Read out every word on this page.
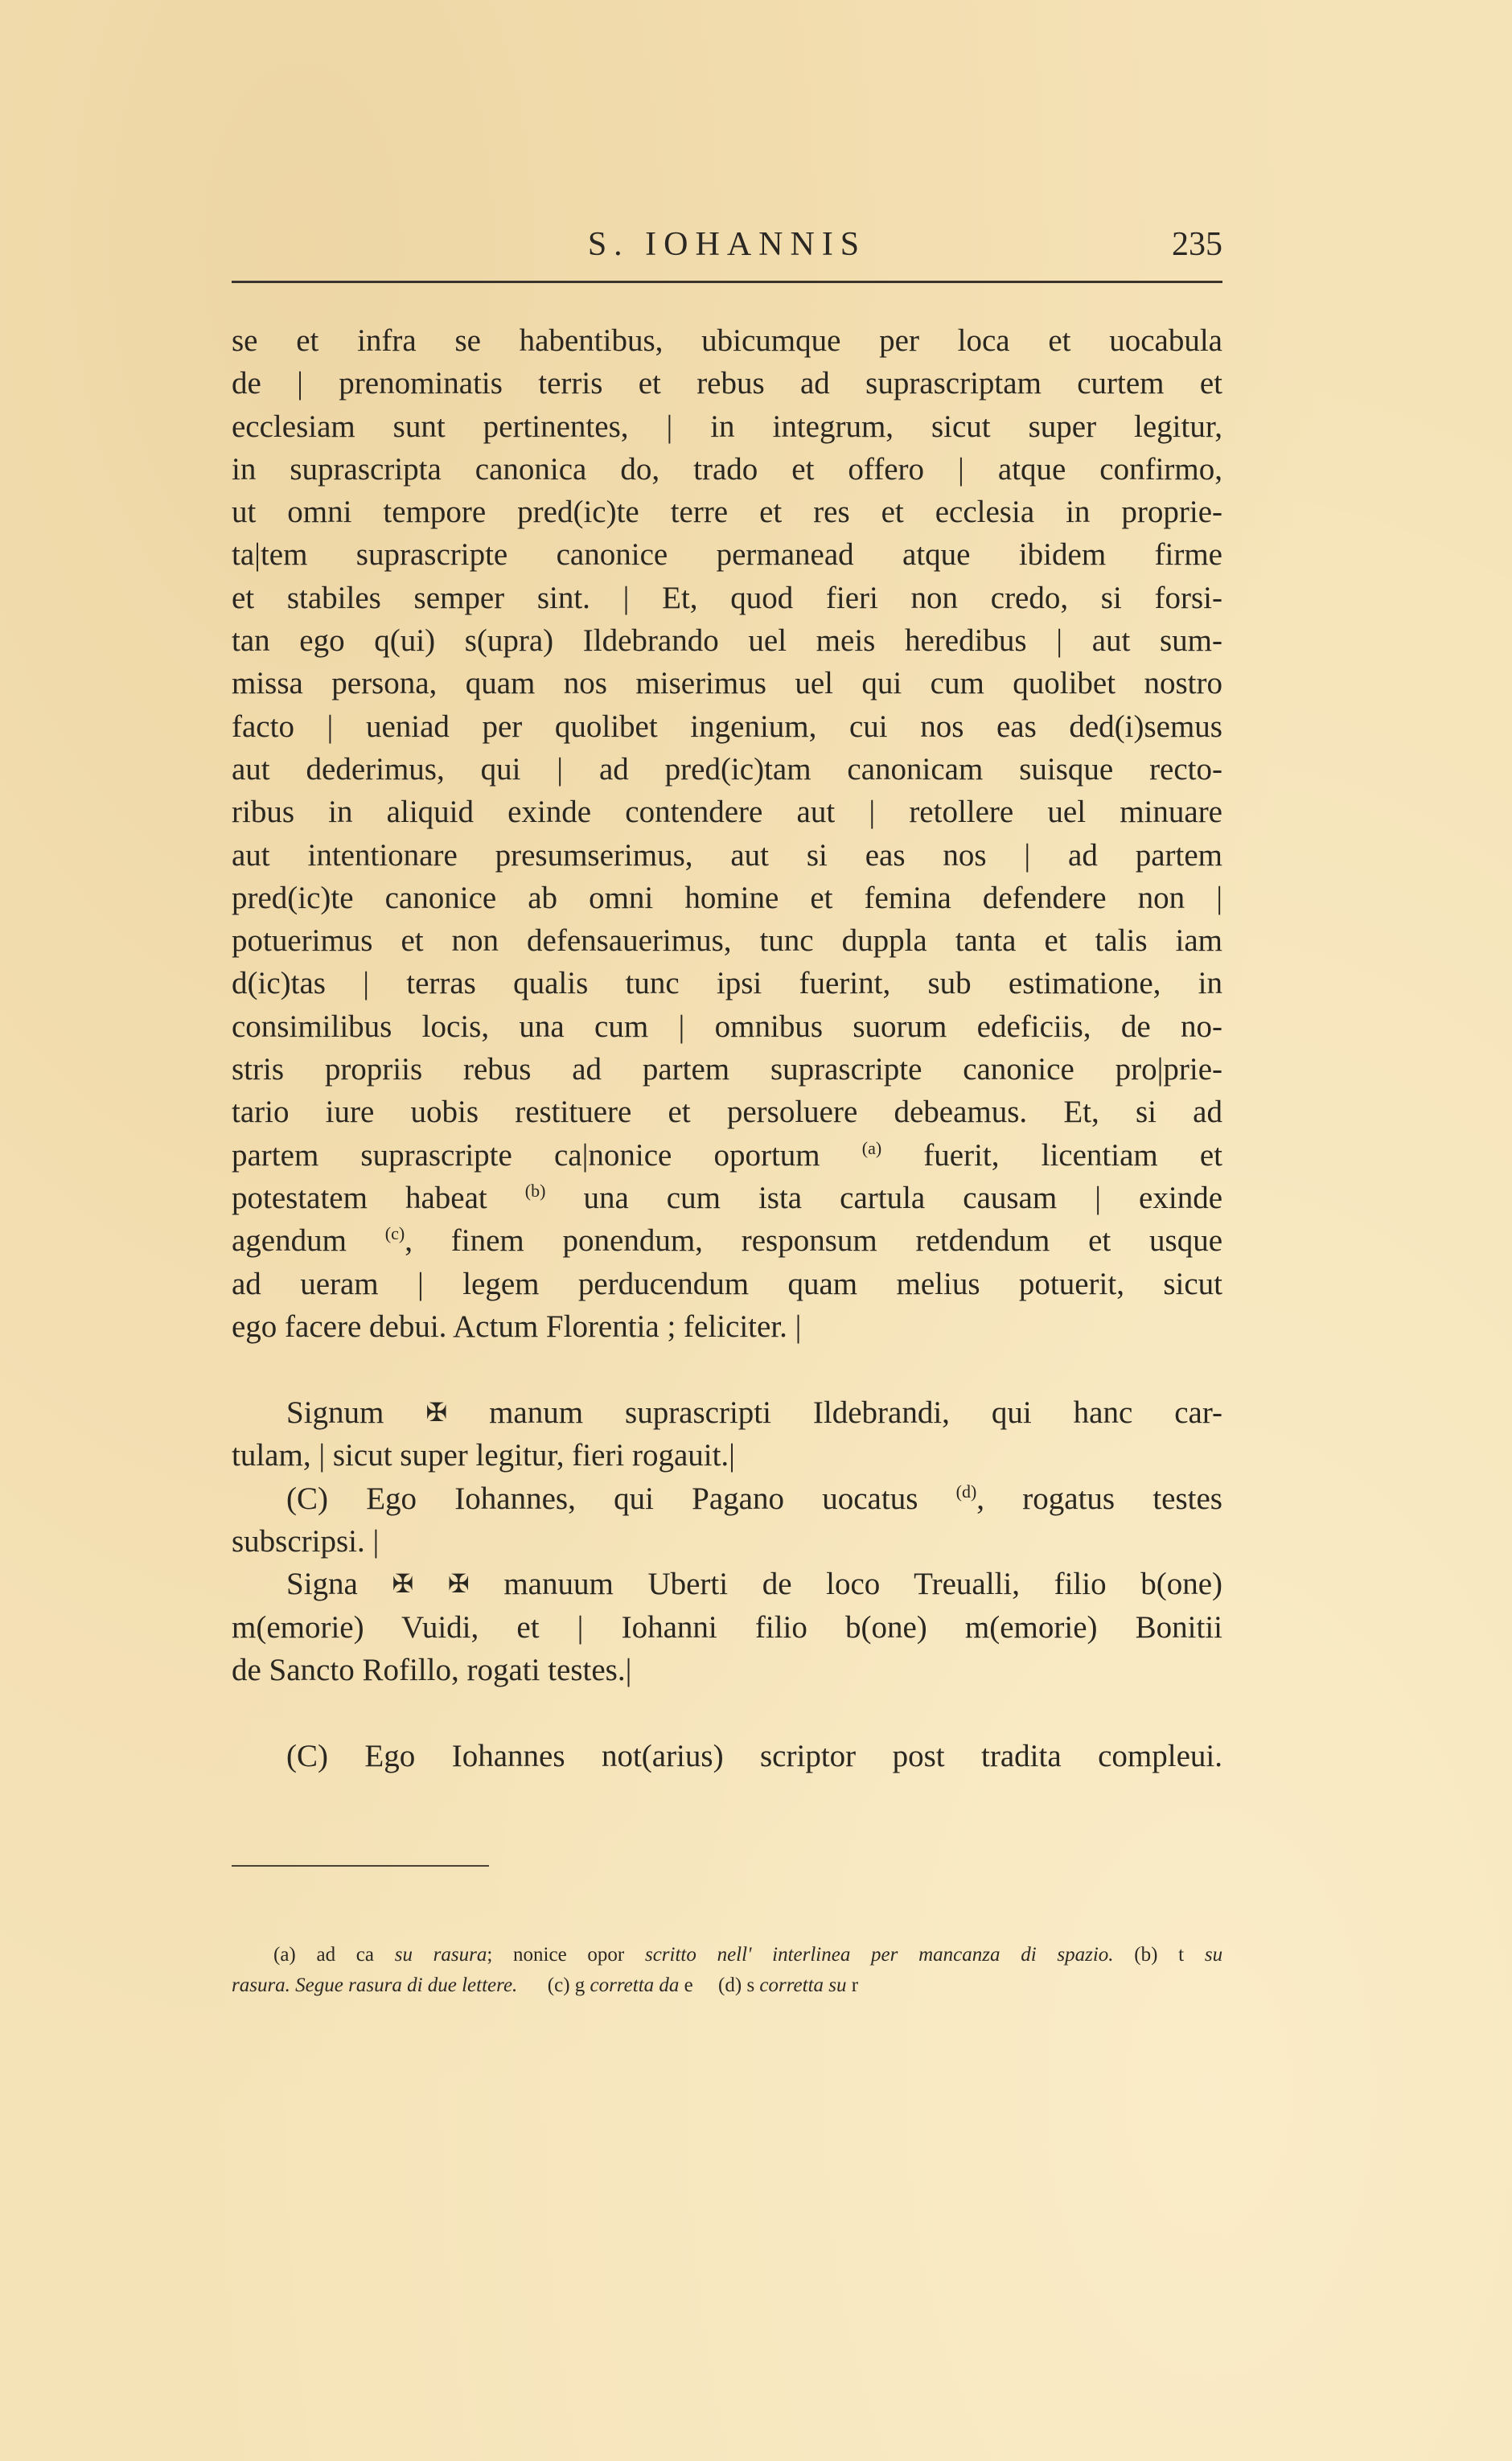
S. IOHANNIS	235
se et infra se habentibus, ubicumque per loca et uocabula
de | prenominatis terris et rebus ad suprascriptam curtem et
ecclesiam sunt pertinentes, | in integrum, sicut super legitur,
in suprascripta canonica do, trado et offero | atque confirmo,
ut omni tempore pred(ic)te terre et res et ecclesia in proprie-
ta|tem suprascripte canonice permanead atque ibidem firme
et stabiles semper sint. | Et, quod fieri non credo, si forsi-
tan ego q(ui) s(upra) Ildebrando uel meis heredibus | aut sum-
missa persona, quam nos miserimus uel qui cum quolibet nostro
facto | ueniad per quolibet ingenium, cui nos eas ded(i)semus
aut dederimus, qui | ad pred(ic)tam canonicam suisque recto-
ribus in aliquid exinde contendere aut | retollere uel minuare
aut intentionare presumserimus, aut si eas nos | ad partem
pred(ic)te canonice ab omni homine et femina defendere non |
potuerimus et non defensauerimus, tunc duppla tanta et talis iam
d(ic)tas | terras qualis tunc ipsi fuerint, sub estimatione, in
consimilibus locis, una cum | omnibus suorum edeficiis, de no-
stris propriis rebus ad partem suprascripte canonice pro|prie-
tario iure uobis restituere et persoluere debeamus. Et, si ad
partem suprascripte ca|nonice oportum $^{(a)}$ fuerit, licentiam et
potestatem habeat $^{(b)}$ una cum ista cartula causam | exinde
agendum $^{(c)}$, finem ponendum, responsum retdendum et usque
ad ueram | legem perducendum quam melius potuerit, sicut
ego facere debui. Actum Florentia ; feliciter. |
Signum ✠ manum suprascripti Ildebrandi, qui hanc car-
tulam, | sicut super legitur, fieri rogauit.|
(C) Ego Iohannes, qui Pagano uocatus $^{(d)}$, rogatus testes
subscripsi. |
Signa ✠ ✠ manuum Uberti de loco Treualli, filio b(one)
m(emorie) Vuidi, et | Iohanni filio b(one) m(emorie) Bonitii
de Sancto Rofillo, rogati testes.|
(C) Ego Iohannes not(arius) scriptor post tradita compleui.
(a) ad ca su rasura; nonice opor scritto nell' interlinea per mancanza di spazio. (b) t su
rasura. Segue rasura di due lettere. (c) g corretta da e (d) s corretta su r
